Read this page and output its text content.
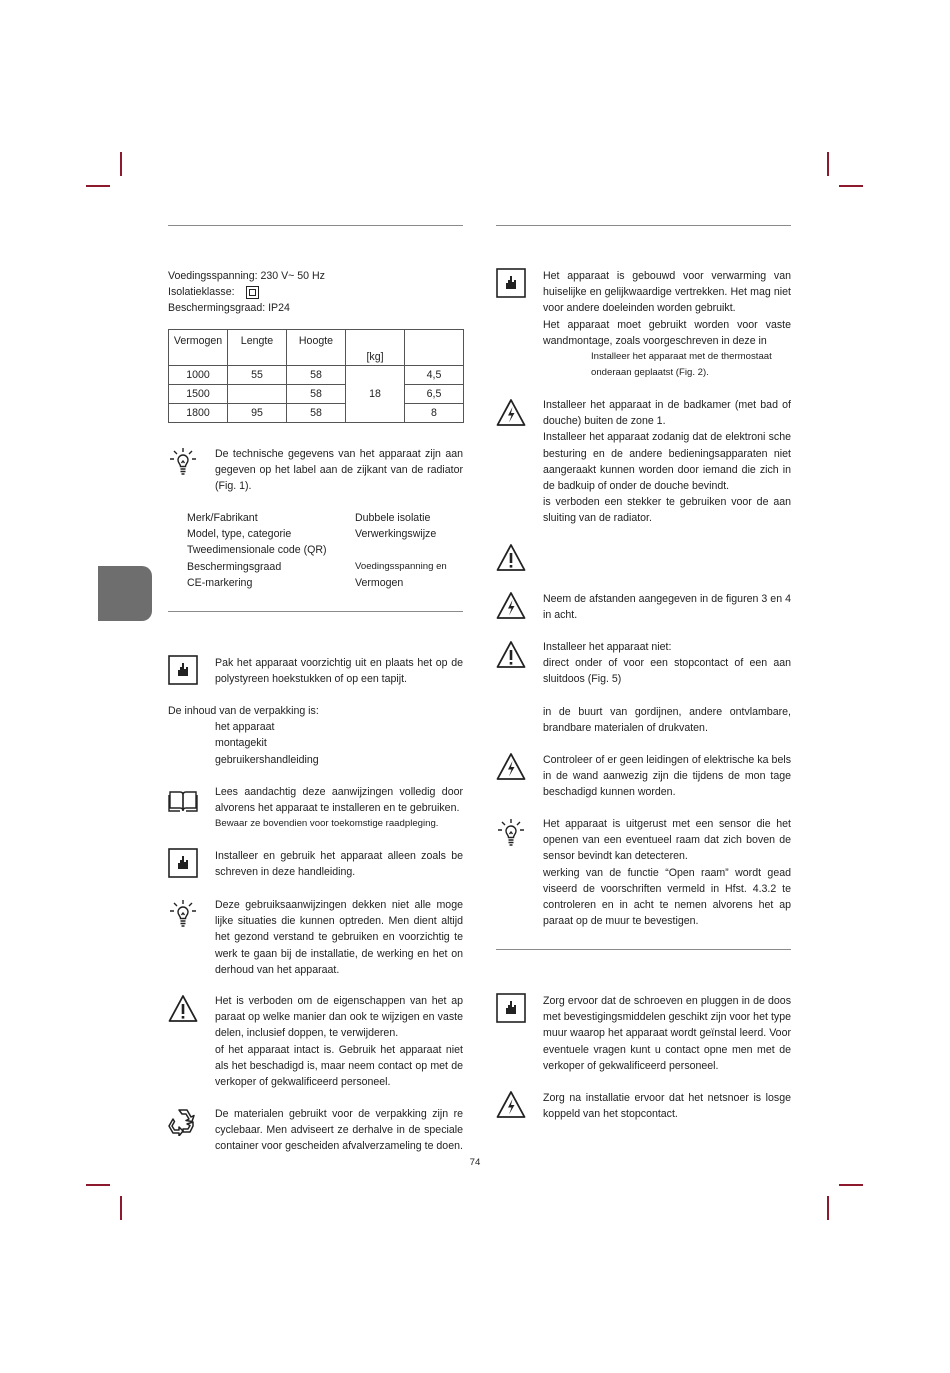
Voedingsspanning: 230 V~ 50 Hz
Isolatieklasse:
Beschermingsgraad: IP24
Vermogen	Lengte	Hoogte	[kg]	
1000	55	58		4,5
1500		58	18	6,5
1800	95	58		8
De technische gegevens van het apparaat zijn aan gegeven op het label aan de zijkant van de radiator (Fig. 1).
Merk/Fabrikant	Dubbele isolatie
Model, type, categorie	Verwerkingswijze
Tweedimensionale code (QR)
Beschermingsgraad	Voedingsspanning en
CE-markering	Vermogen
Pak het apparaat voorzichtig uit en plaats het op de polystyreen hoekstukken of op een tapijt.
De inhoud van de verpakking is:
het apparaat
montagekit
gebruikershandleiding

Lees aandachtig deze aanwijzingen volledig door alvorens het apparaat te installeren en te gebruiken.

Bewaar ze bovendien voor toekomstige raadpleging.

Installeer en gebruik het apparaat alleen zoals be schreven in deze handleiding.
Deze gebruiksaanwijzingen dekken niet alle moge lijke situaties die kunnen optreden. Men dient altijd het gezond verstand te gebruiken en voorzichtig te werk te gaan bij de installatie, de werking en het on derhoud van het apparaat.

Het is verboden om de eigenschappen van het ap paraat op welke manier dan ook te wijzigen en vaste delen, inclusief doppen, te verwijderen.

of het apparaat intact is. Gebruik het apparaat niet als het beschadigd is, maar neem contact op met de verkoper of gekwalificeerd personeel.

De materialen gebruikt voor de verpakking zijn re cyclebaar. Men adviseert ze derhalve in de speciale container voor gescheiden afvalverzameling te doen.

Het apparaat is gebouwd voor verwarming van huiselijke en gelijkwaardige vertrekken. Het mag niet voor andere doeleinden worden gebruikt.

Het apparaat moet gebruikt worden voor vaste wandmontage, zoals voorgeschreven in deze in

Installeer het apparaat met de thermostaat onderaan geplaatst (Fig. 2).

Installeer het apparaat in de badkamer (met bad of douche) buiten de zone 1.

Installeer het apparaat zodanig dat de elektroni sche besturing en de andere bedieningsapparaten niet aangeraakt kunnen worden door iemand die zich in de badkuip of onder de douche bevindt.

is verboden een stekker te gebruiken voor de aan sluiting van de radiator.

Neem de afstanden aangegeven in de figuren 3 en 4 in acht.

Installeer het apparaat niet:

direct onder of voor een stopcontact of een aan sluitdoos (Fig. 5)

in de buurt van gordijnen, andere ontvlambare, brandbare materialen of drukvaten.

Controleer of er geen leidingen of elektrische ka bels in de wand aanwezig zijn die tijdens de mon tage beschadigd kunnen worden.

Het apparaat is uitgerust met een sensor die het openen van een eventueel raam dat zich boven de sensor bevindt kan detecteren.

werking van de functie “Open raam” wordt gead viseerd de voorschriften vermeld in Hfst. 4.3.2 te controleren en in acht te nemen alvorens het ap paraat op de muur te bevestigen.

Zorg ervoor dat de schroeven en pluggen in de doos met bevestigingsmiddelen geschikt zijn voor het type muur waarop het apparaat wordt geïnstal leerd. Voor eventuele vragen kunt u contact opne men met de verkoper of gekwalificeerd personeel.
Zorg na installatie ervoor dat het netsnoer is losge koppeld van het stopcontact.
74
